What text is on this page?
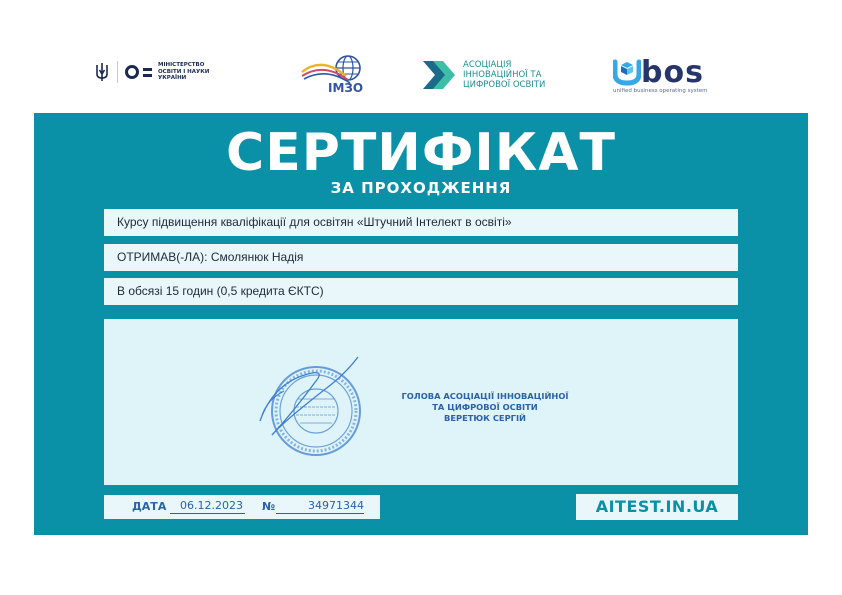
МІНІСТЕРСТВО
ОСВІТИ І НАУКИ
УКРАЇНИ
ІМЗО
АСОЦІАЦІЯ
ІННОВАЦІЙНОЇ ТА
ЦИФРОВОЇ ОСВІТИ	bos
unified business operating system
СЕРТИФІКАТ
ЗА ПРОХОДЖЕННЯ
Курсу підвищення кваліфікації для освітян «Штучний Інтелект в освіті»
ОТРИМАВ(-ЛА): Смолянюк Надія
В обсязі 15 годин (0,5 кредита ЄКТС)
ГОЛОВА АСОЦІАЦІЇ ІННОВАЦІЙНОЇ
ТА ЦИФРОВОЇ ОСВІТИ
ВЕРЕТЮК СЕРГІЙ
ДАТА	06.12.2023 №	34971344	AITEST.IN.UA
